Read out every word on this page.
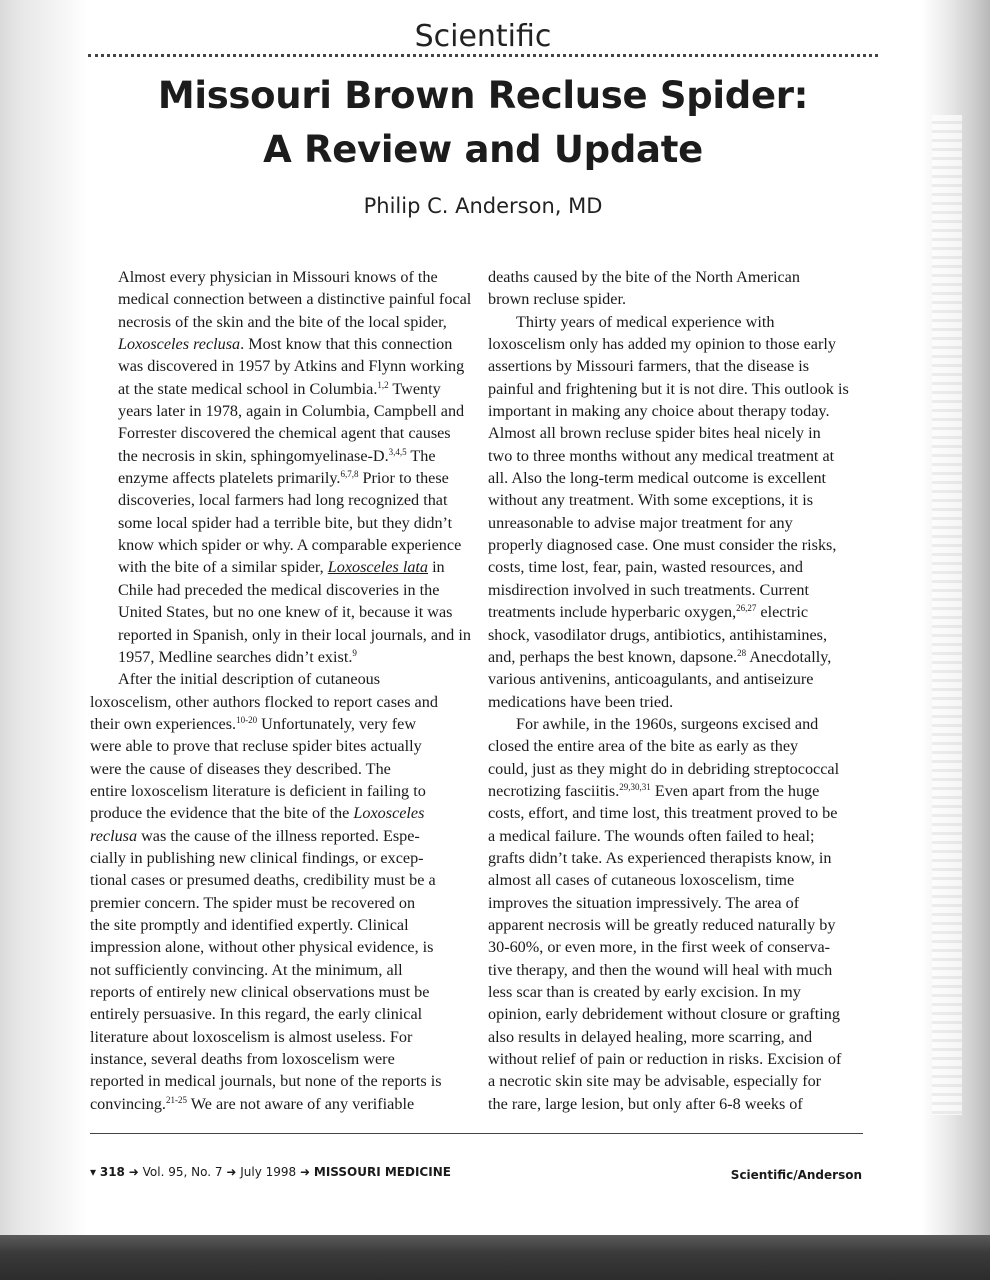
Scientific
Missouri Brown Recluse Spider:
A Review and Update
Philip C. Anderson, MD

Almost every physician in Missouri knows of the
medical connection between a distinctive painful focal
necrosis of the skin and the bite of the local spider,
Loxosceles reclusa. Most know that this connection
was discovered in 1957 by Atkins and Flynn working
at the state medical school in Columbia.$^{1,2}$ Twenty
years later in 1978, again in Columbia, Campbell and
Forrester discovered the chemical agent that causes
the necrosis in skin, sphingomyelinase-D.$^{3,4,5}$ The
enzyme affects platelets primarily.$^{6,7,8}$ Prior to these
discoveries, local farmers had long recognized that
some local spider had a terrible bite, but they didn’t
know which spider or why. A comparable experience
with the bite of a similar spider, Loxosceles lata in
Chile had preceded the medical discoveries in the
United States, but no one knew of it, because it was
reported in Spanish, only in their local journals, and in
1957, Medline searches didn’t exist.$^9$

After the initial description of cutaneous

loxoscelism, other authors flocked to report cases and
their own experiences.$^{10-20}$ Unfortunately, very few
were able to prove that recluse spider bites actually
were the cause of diseases they described. The
entire loxoscelism literature is deficient in failing to
produce the evidence that the bite of the Loxosceles
reclusa was the cause of the illness reported. Espe-
cially in publishing new clinical findings, or excep-
tional cases or presumed deaths, credibility must be a
premier concern. The spider must be recovered on
the site promptly and identified expertly. Clinical
impression alone, without other physical evidence, is
not sufficiently convincing. At the minimum, all
reports of entirely new clinical observations must be
entirely persuasive. In this regard, the early clinical
literature about loxoscelism is almost useless. For
instance, several deaths from loxoscelism were
reported in medical journals, but none of the reports is
convincing.$^{21-25}$ We are not aware of any verifiable

deaths caused by the bite of the North American
brown recluse spider.

Thirty years of medical experience with

loxoscelism only has added my opinion to those early
assertions by Missouri farmers, that the disease is
painful and frightening but it is not dire. This outlook is
important in making any choice about therapy today.
Almost all brown recluse spider bites heal nicely in
two to three months without any medical treatment at
all. Also the long-term medical outcome is excellent
without any treatment. With some exceptions, it is
unreasonable to advise major treatment for any
properly diagnosed case. One must consider the risks,
costs, time lost, fear, pain, wasted resources, and
misdirection involved in such treatments. Current
treatments include hyperbaric oxygen,$^{26,27}$ electric
shock, vasodilator drugs, antibiotics, antihistamines,
and, perhaps the best known, dapsone.$^{28}$ Anecdotally,
various antivenins, anticoagulants, and antiseizure
medications have been tried.

For awhile, in the 1960s, surgeons excised and

closed the entire area of the bite as early as they
could, just as they might do in debriding streptococcal
necrotizing fasciitis.$^{29,30,31}$ Even apart from the huge
costs, effort, and time lost, this treatment proved to be
a medical failure. The wounds often failed to heal;
grafts didn’t take. As experienced therapists know, in
almost all cases of cutaneous loxoscelism, time
improves the situation impressively. The area of
apparent necrosis will be greatly reduced naturally by
30-60%, or even more, in the first week of conserva-
tive therapy, and then the wound will heal with much
less scar than is created by early excision. In my
opinion, early debridement without closure or grafting
also results in delayed healing, more scarring, and
without relief of pain or reduction in risks. Excision of
a necrotic skin site may be advisable, especially for
the rare, large lesion, but only after 6-8 weeks of

▾ 318 ➜ Vol. 95, No. 7 ➜ July 1998 ➜ MISSOURI MEDICINE	Scientific/Anderson
